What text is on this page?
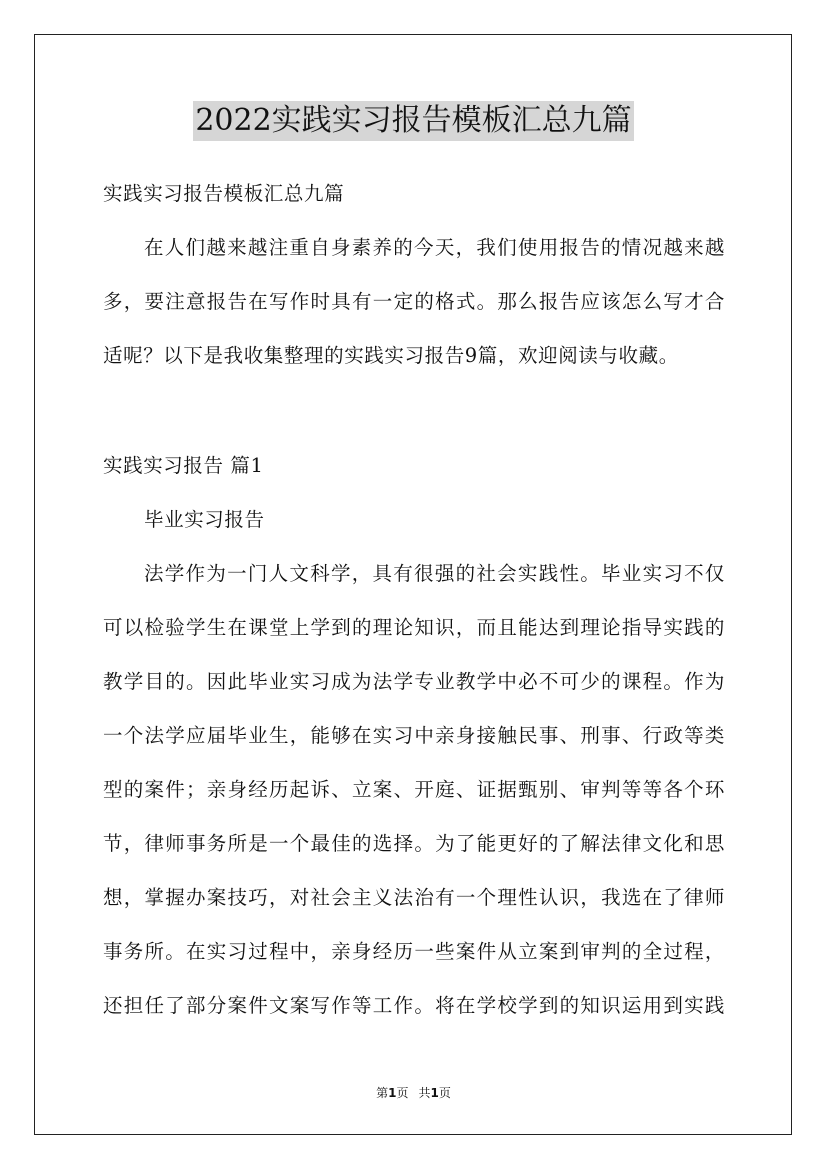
2022实践实习报告模板汇总九篇
实践实习报告模板汇总九篇
在人们越来越注重自身素养的今天，我们使用报告的情况越来越
多，要注意报告在写作时具有一定的格式。那么报告应该怎么写才合
适呢？以下是我收集整理的实践实习报告9篇，欢迎阅读与收藏。
实践实习报告 篇1
毕业实习报告
法学作为一门人文科学，具有很强的社会实践性。毕业实习不仅
可以检验学生在课堂上学到的理论知识，而且能达到理论指导实践的
教学目的。因此毕业实习成为法学专业教学中必不可少的课程。作为
一个法学应届毕业生，能够在实习中亲身接触民事、刑事、行政等类
型的案件；亲身经历起诉、立案、开庭、证据甄别、审判等等各个环
节，律师事务所是一个最佳的选择。为了能更好的了解法律文化和思
想，掌握办案技巧，对社会主义法治有一个理性认识，我选在了律师
事务所。在实习过程中，亲身经历一些案件从立案到审判的全过程，
还担任了部分案件文案写作等工作。将在学校学到的知识运用到实践
第1页 共1页
